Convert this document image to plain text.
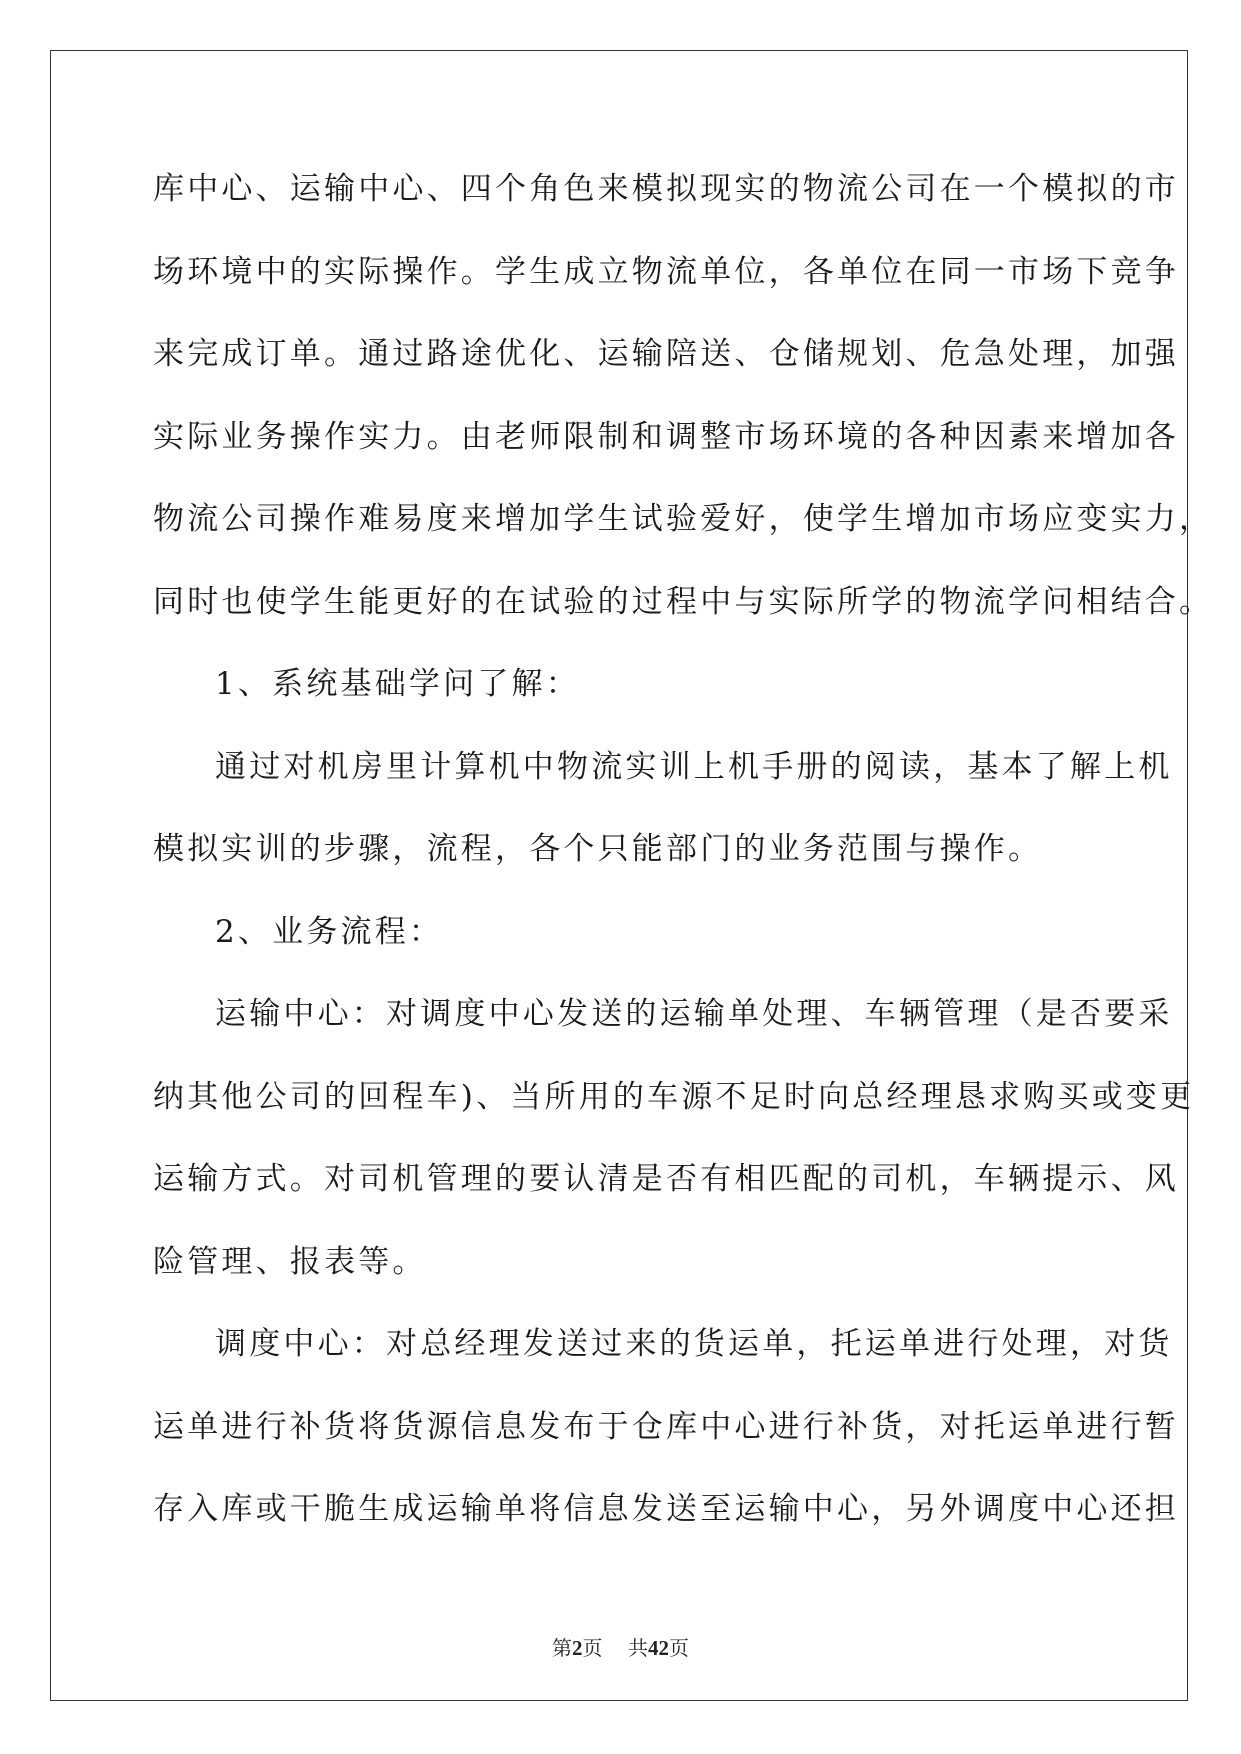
库中心、运输中心、四个角色来模拟现实的物流公司在一个模拟的市
场环境中的实际操作。学生成立物流单位，各单位在同一市场下竞争
来完成订单。通过路途优化、运输陪送、仓储规划、危急处理，加强
实际业务操作实力。由老师限制和调整市场环境的各种因素来增加各
物流公司操作难易度来增加学生试验爱好，使学生增加市场应变实力，
同时也使学生能更好的在试验的过程中与实际所学的物流学问相结合。
1、系统基础学问了解：
通过对机房里计算机中物流实训上机手册的阅读，基本了解上机
模拟实训的步骤，流程，各个只能部门的业务范围与操作。
2、业务流程：
运输中心：对调度中心发送的运输单处理、车辆管理（是否要采
纳其他公司的回程车)、当所用的车源不足时向总经理恳求购买或变更
运输方式。对司机管理的要认清是否有相匹配的司机，车辆提示、风
险管理、报表等。
调度中心：对总经理发送过来的货运单，托运单进行处理，对货
运单进行补货将货源信息发布于仓库中心进行补货，对托运单进行暂
存入库或干脆生成运输单将信息发送至运输中心，另外调度中心还担
第2页 共42页
